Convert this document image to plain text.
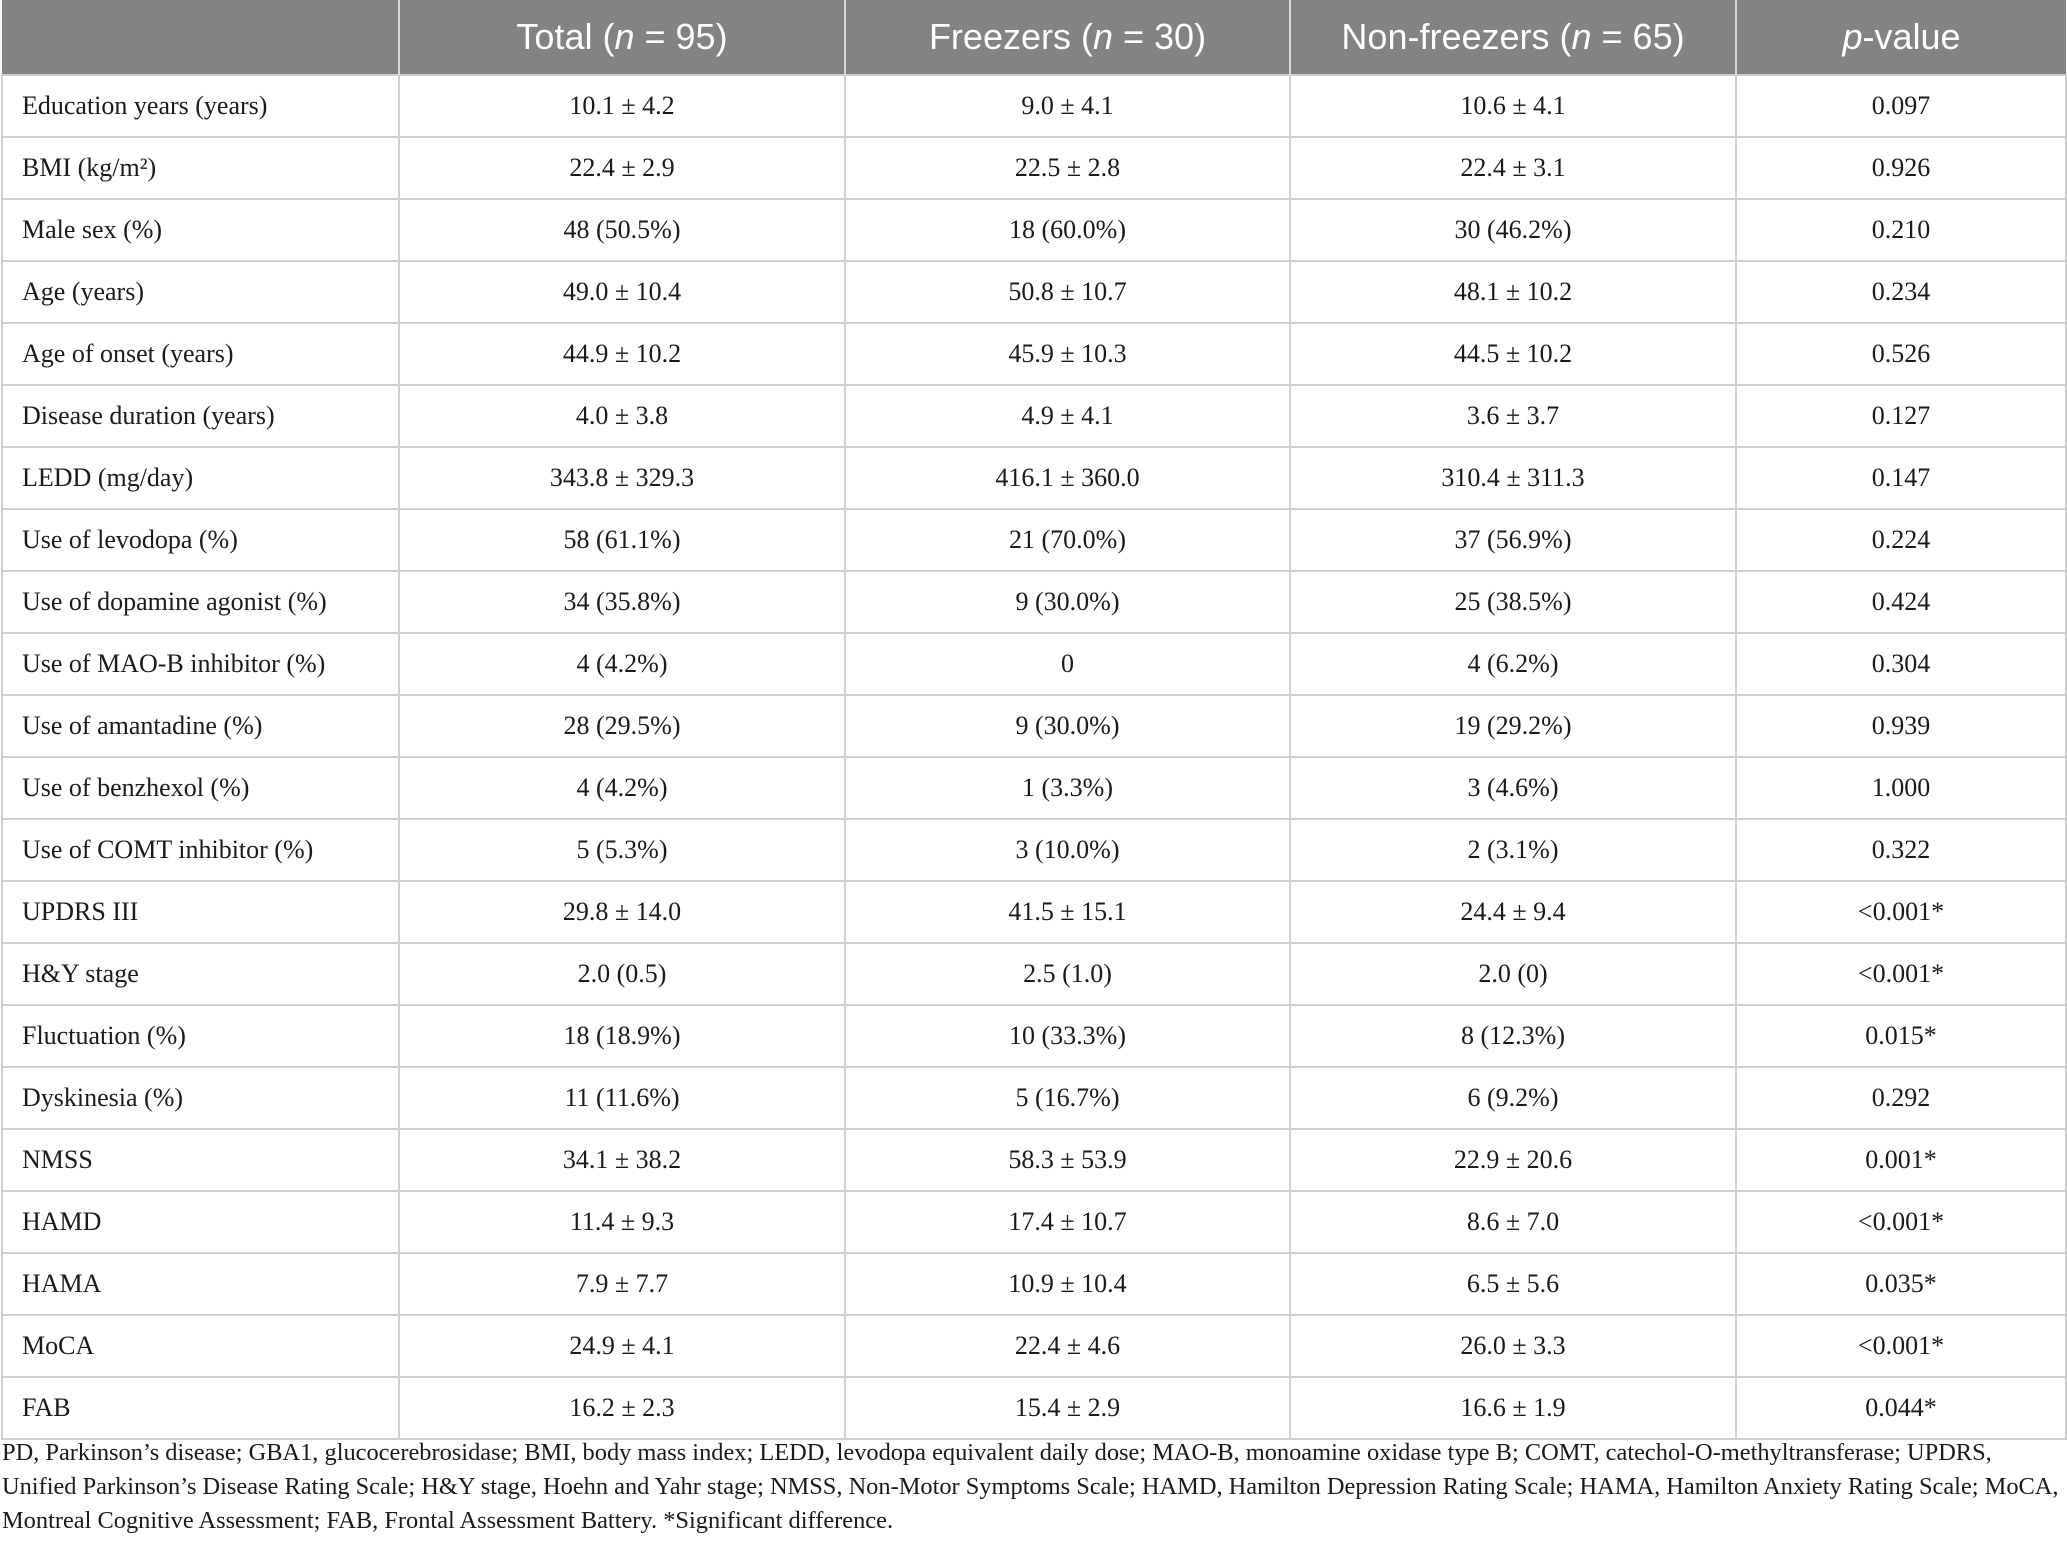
	Total (n = 95)	Freezers (n = 30)	Non-freezers (n = 65)	p-value
Education years (years)	10.1 ± 4.2	9.0 ± 4.1	10.6 ± 4.1	0.097
BMI (kg/m²)	22.4 ± 2.9	22.5 ± 2.8	22.4 ± 3.1	0.926
Male sex (%)	48 (50.5%)	18 (60.0%)	30 (46.2%)	0.210
Age (years)	49.0 ± 10.4	50.8 ± 10.7	48.1 ± 10.2	0.234
Age of onset (years)	44.9 ± 10.2	45.9 ± 10.3	44.5 ± 10.2	0.526
Disease duration (years)	4.0 ± 3.8	4.9 ± 4.1	3.6 ± 3.7	0.127
LEDD (mg/day)	343.8 ± 329.3	416.1 ± 360.0	310.4 ± 311.3	0.147
Use of levodopa (%)	58 (61.1%)	21 (70.0%)	37 (56.9%)	0.224
Use of dopamine agonist (%)	34 (35.8%)	9 (30.0%)	25 (38.5%)	0.424
Use of MAO-B inhibitor (%)	4 (4.2%)	0	4 (6.2%)	0.304
Use of amantadine (%)	28 (29.5%)	9 (30.0%)	19 (29.2%)	0.939
Use of benzhexol (%)	4 (4.2%)	1 (3.3%)	3 (4.6%)	1.000
Use of COMT inhibitor (%)	5 (5.3%)	3 (10.0%)	2 (3.1%)	0.322
UPDRS III	29.8 ± 14.0	41.5 ± 15.1	24.4 ± 9.4	<0.001*
H&Y stage	2.0 (0.5)	2.5 (1.0)	2.0 (0)	<0.001*
Fluctuation (%)	18 (18.9%)	10 (33.3%)	8 (12.3%)	0.015*
Dyskinesia (%)	11 (11.6%)	5 (16.7%)	6 (9.2%)	0.292
NMSS	34.1 ± 38.2	58.3 ± 53.9	22.9 ± 20.6	0.001*
HAMD	11.4 ± 9.3	17.4 ± 10.7	8.6 ± 7.0	<0.001*
HAMA	7.9 ± 7.7	10.9 ± 10.4	6.5 ± 5.6	0.035*
MoCA	24.9 ± 4.1	22.4 ± 4.6	26.0 ± 3.3	<0.001*
FAB	16.2 ± 2.3	15.4 ± 2.9	16.6 ± 1.9	0.044*
PD, Parkinson’s disease; GBA1, glucocerebrosidase; BMI, body mass index; LEDD, levodopa equivalent daily dose; MAO-B, monoamine oxidase type B; COMT, catechol-O-methyltransferase; UPDRS, Unified Parkinson’s Disease Rating Scale; H&Y stage, Hoehn and Yahr stage; NMSS, Non-Motor Symptoms Scale; HAMD, Hamilton Depression Rating Scale; HAMA, Hamilton Anxiety Rating Scale; MoCA, Montreal Cognitive Assessment; FAB, Frontal Assessment Battery. *Significant difference.
